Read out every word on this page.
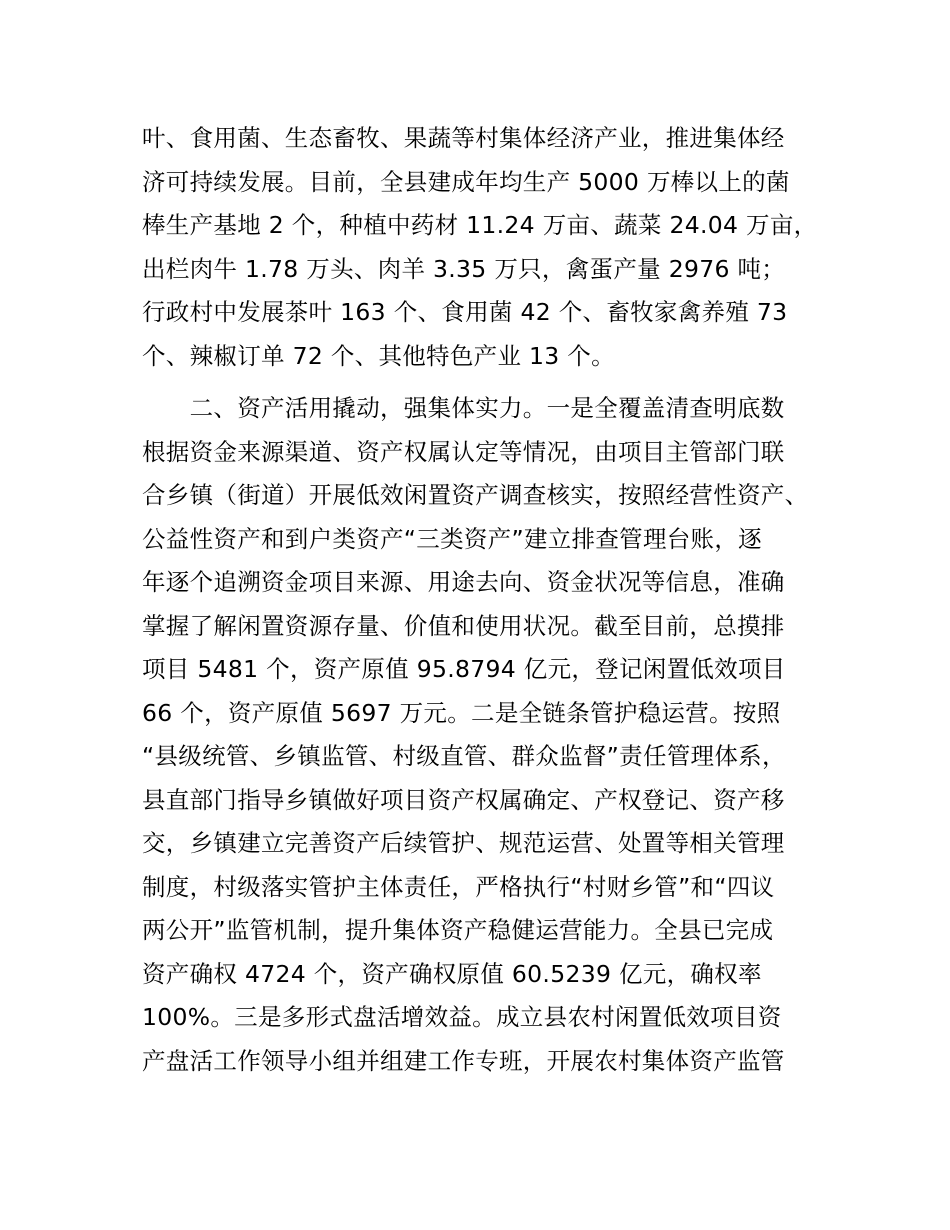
叶、食用菌、生态畜牧、果蔬等村集体经济产业，推进集体经
济可持续发展。目前，全县建成年均生产 5000 万棒以上的菌
棒生产基地 2 个，种植中药材 11.24 万亩、蔬菜 24.04 万亩，
出栏肉牛 1.78 万头、肉羊 3.35 万只，禽蛋产量 2976 吨；
行政村中发展茶叶 163 个、食用菌 42 个、畜牧家禽养殖 73
个、辣椒订单 72 个、其他特色产业 13 个。
　　二、资产活用撬动，强集体实力。一是全覆盖清查明底数
根据资金来源渠道、资产权属认定等情况，由项目主管部门联
合乡镇（街道）开展低效闲置资产调查核实，按照经营性资产、
公益性资产和到户类资产“三类资产”建立排查管理台账，逐
年逐个追溯资金项目来源、用途去向、资金状况等信息，准确
掌握了解闲置资源存量、价值和使用状况。截至目前，总摸排
项目 5481 个，资产原值 95.8794 亿元，登记闲置低效项目
66 个，资产原值 5697 万元。二是全链条管护稳运营。按照
“县级统管、乡镇监管、村级直管、群众监督”责任管理体系，
县直部门指导乡镇做好项目资产权属确定、产权登记、资产移
交，乡镇建立完善资产后续管护、规范运营、处置等相关管理
制度，村级落实管护主体责任，严格执行“村财乡管”和“四议
两公开”监管机制，提升集体资产稳健运营能力。全县已完成
资产确权 4724 个，资产确权原值 60.5239 亿元，确权率
100%。三是多形式盘活增效益。成立县农村闲置低效项目资
产盘活工作领导小组并组建工作专班，开展农村集体资产监管
